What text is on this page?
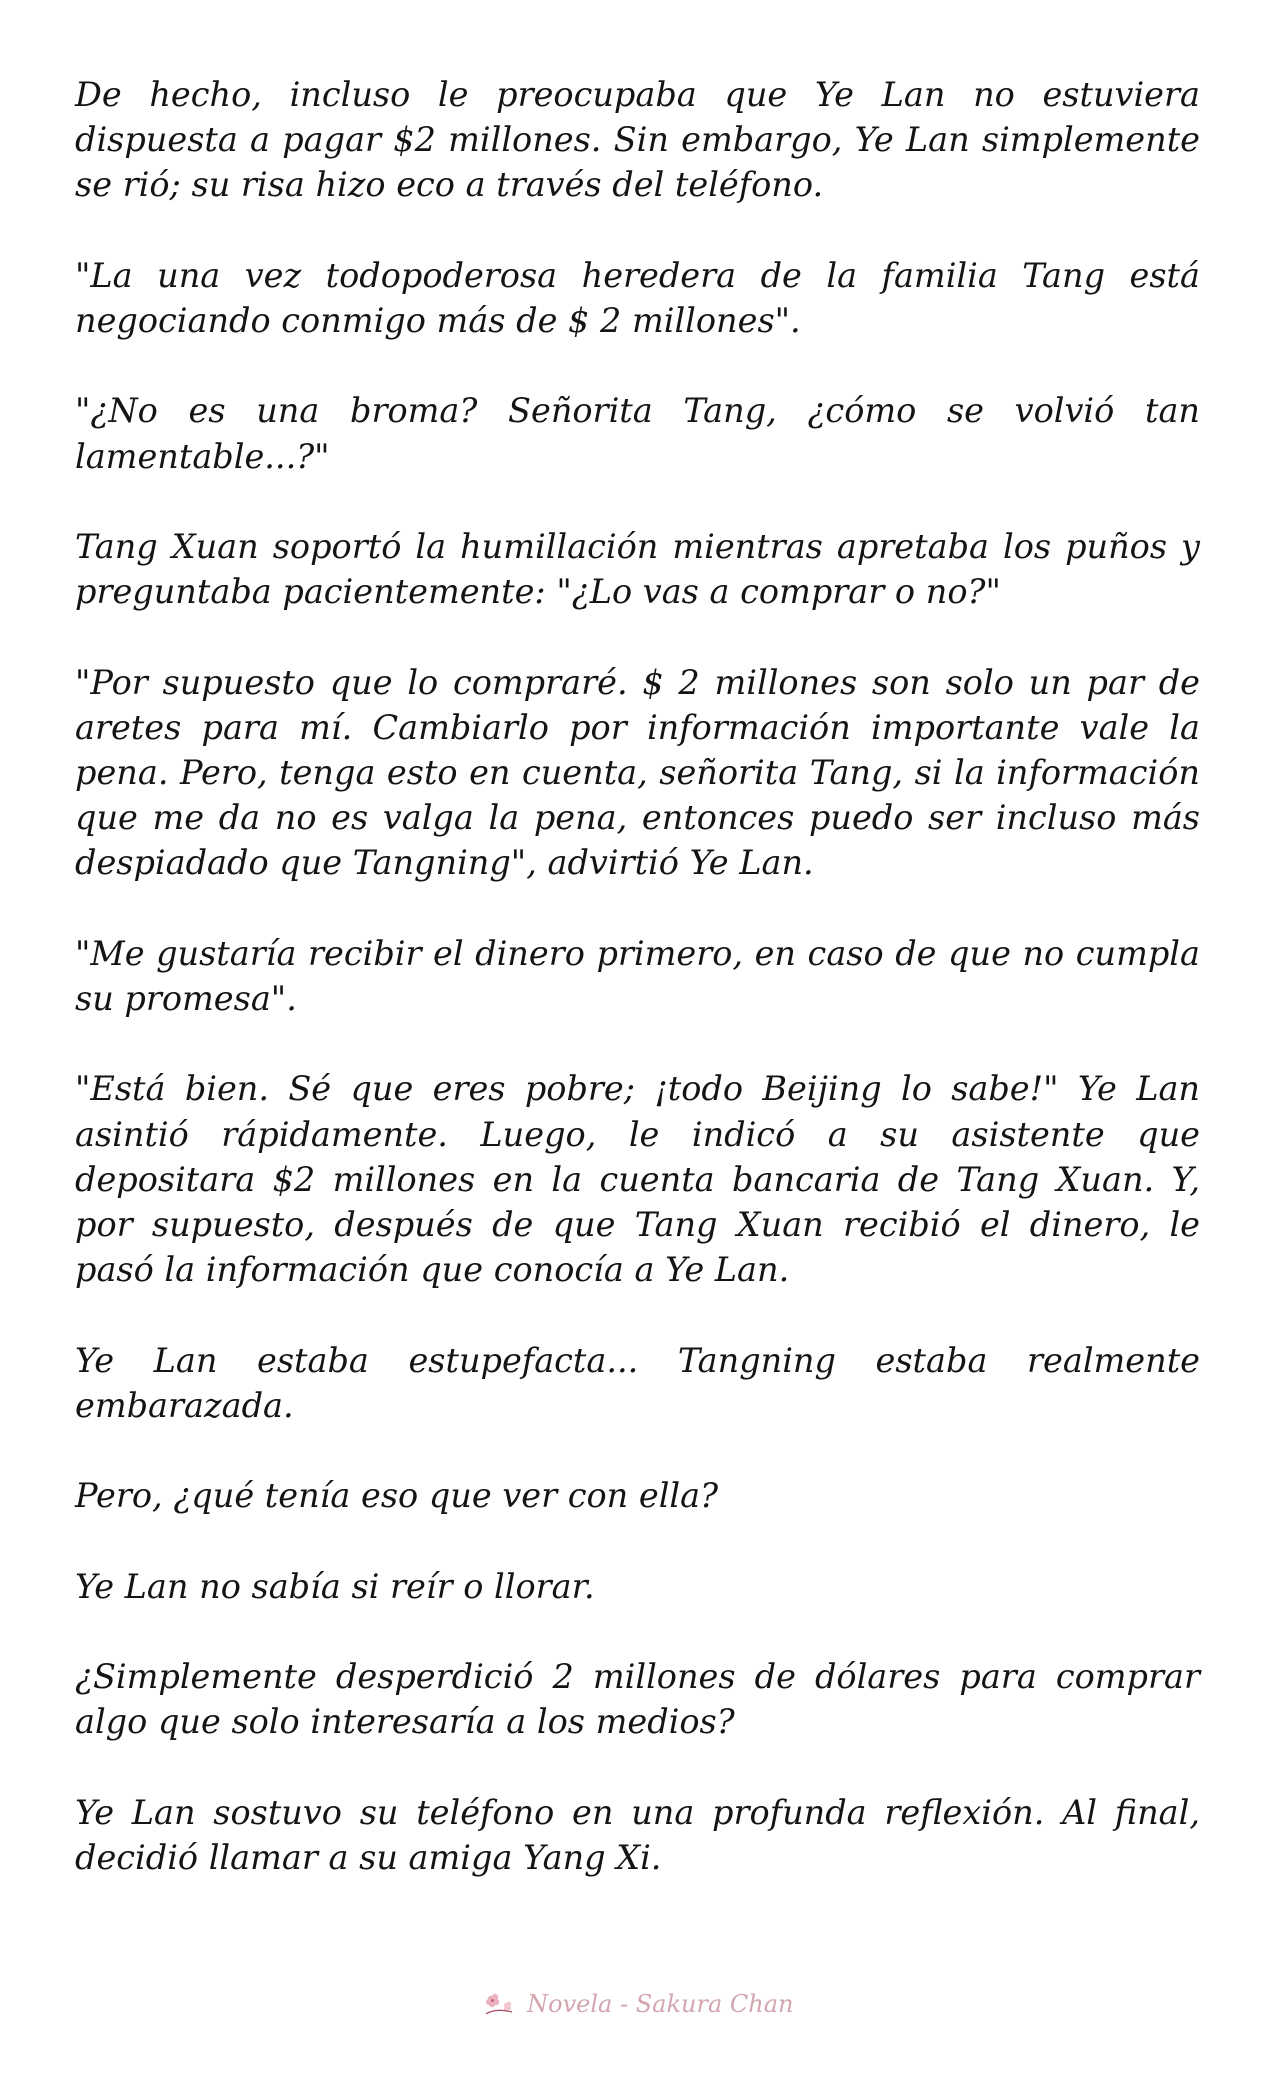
De hecho, incluso le preocupaba que Ye Lan no estuviera dispuesta a pagar $2 millones. Sin embargo, Ye Lan simplemente se rió; su risa hizo eco a través del teléfono.

"La una vez todopoderosa heredera de la familia Tang está negociando conmigo más de $ 2 millones".

"¿No es una broma? Señorita Tang, ¿cómo se volvió tan lamentable...?"

Tang Xuan soportó la humillación mientras apretaba los puños y preguntaba pacientemente: "¿Lo vas a comprar o no?"

"Por supuesto que lo compraré. $ 2 millones son solo un par de aretes para mí. Cambiarlo por información importante vale la pena. Pero, tenga esto en cuenta, señorita Tang, si la información que me da no es valga la pena, entonces puedo ser incluso más despiadado que Tangning", advirtió Ye Lan.

"Me gustaría recibir el dinero primero, en caso de que no cumpla su promesa".

"Está bien. Sé que eres pobre; ¡todo Beijing lo sabe!" Ye Lan asintió rápidamente. Luego, le indicó a su asistente que depositara $2 millones en la cuenta bancaria de Tang Xuan. Y, por supuesto, después de que Tang Xuan recibió el dinero, le pasó la información que conocía a Ye Lan.

Ye Lan estaba estupefacta... Tangning estaba realmente embarazada.

Pero, ¿qué tenía eso que ver con ella?

Ye Lan no sabía si reír o llorar.

¿Simplemente desperdició 2 millones de dólares para comprar algo que solo interesaría a los medios?

Ye Lan sostuvo su teléfono en una profunda reflexión. Al final, decidió llamar a su amiga Yang Xi.

Novela - Sakura Chan
